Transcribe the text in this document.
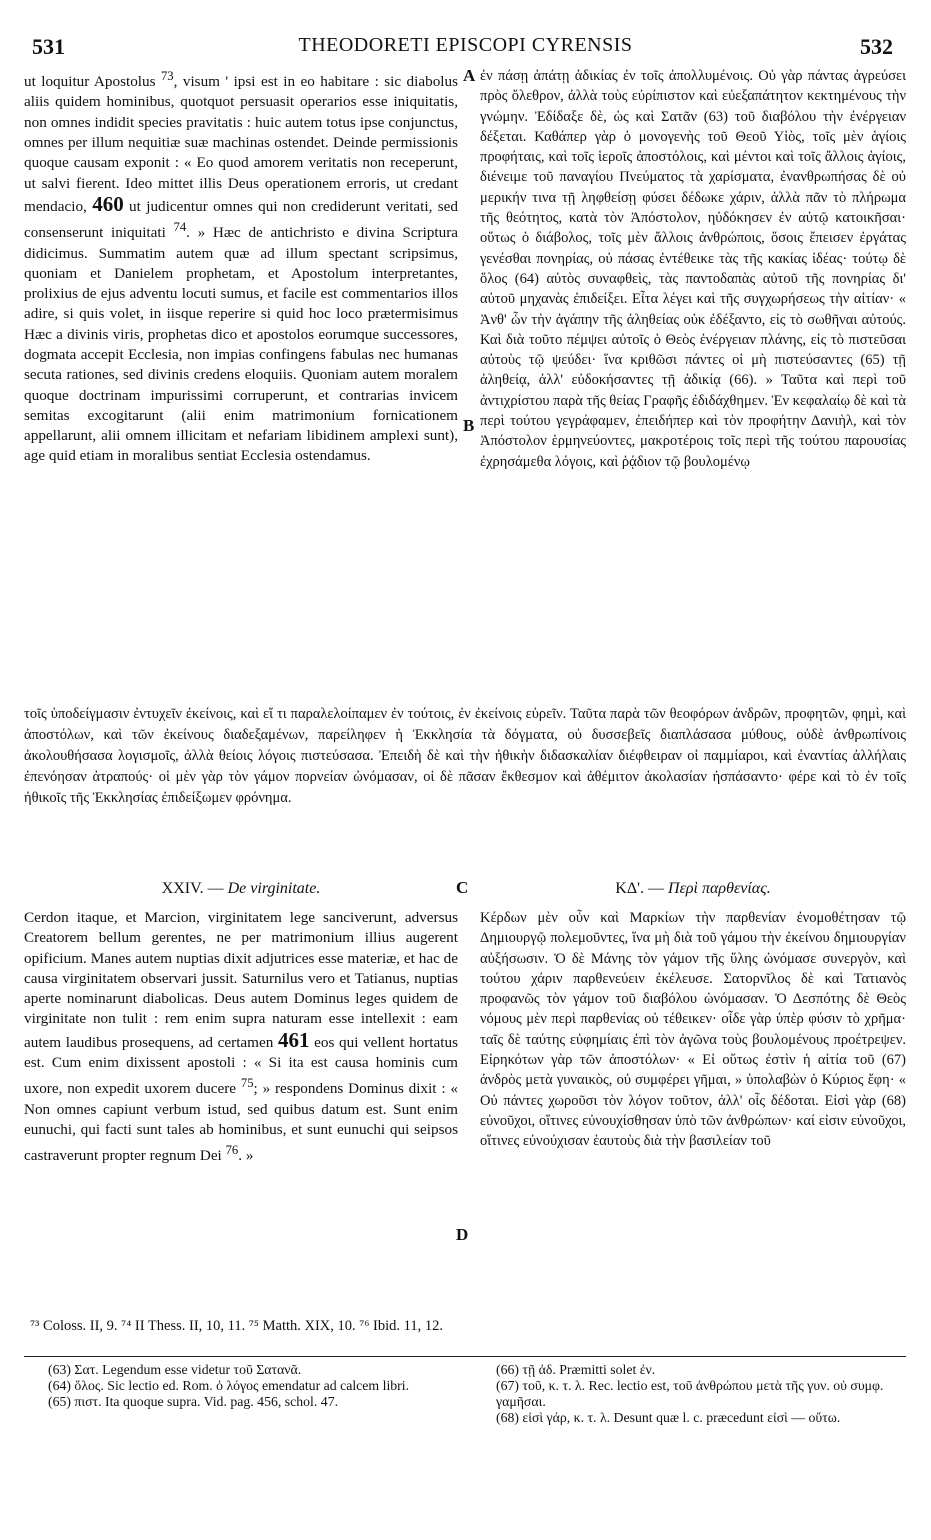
531	THEODORETI EPISCOPI CYRENSIS	532
A
B
C
D
ut loquitur Apostolus $^{73}$, visum ' ipsi est in eo habitare : sic diabolus aliis quidem hominibus, quotquot persuasit operarios esse iniquitatis, non omnes indidit species pravitatis : huic autem totus ipse conjunctus, omnes per illum nequitiæ suæ machinas ostendet. Deinde permissionis quoque causam exponit : « Eo quod amorem veritatis non receperunt, ut salvi fierent. Ideo mittet illis Deus operationem erroris, ut credant mendacio, 460 ut judicentur omnes qui non crediderunt veritati, sed consenserunt iniquitati $^{74}$. » Hæc de antichristo e divina Scriptura didicimus. Summatim autem quæ ad illum spectant scripsimus, quoniam et Danielem prophetam, et Apostolum interpretantes, prolixius de ejus adventu locuti sumus, et facile est commentarios illos adire, si quis volet, in iisque reperire si quid hoc loco prætermisimus Hæc a divinis viris, prophetas dico et apostolos eorumque successores, dogmata accepit Ecclesia, non impias confingens fabulas nec humanas secuta rationes, sed divinis credens eloquiis. Quoniam autem moralem quoque doctrinam impurissimi corruperunt, et contrarias invicem semitas excogitarunt (alii enim matrimonium fornicationem appellarunt, alii omnem illicitam et nefariam libidinem amplexi sunt), age quid etiam in moralibus sentiat Ecclesia ostendamus.
ἐν πάσῃ ἀπάτῃ ἀδικίας ἐν τοῖς ἀπολλυμένοις. Οὐ γὰρ πάντας ἀγρεύσει πρὸς ὄλεθρον, ἀλλὰ τοὺς εὐρίπιστον καὶ εὐεξαπάτητον κεκτημένους τὴν γνώμην. Ἐδίδαξε δὲ, ὡς καὶ Σατᾶν (63) τοῦ διαβόλου τὴν ἐνέργειαν δέξεται. Καθάπερ γὰρ ὁ μονογενὴς τοῦ Θεοῦ Υἱὸς, τοῖς μὲν ἁγίοις προφήταις, καὶ τοῖς ἱεροῖς ἀποστόλοις, καὶ μέντοι καὶ τοῖς ἄλλοις ἁγίοις, διένειμε τοῦ παναγίου Πνεύματος τὰ χαρίσματα, ἐνανθρωπήσας δὲ οὐ μερικήν τινα τῇ ληφθείσῃ φύσει δέδωκε χάριν, ἀλλὰ πᾶν τὸ πλήρωμα τῆς θεότητος, κατὰ τὸν Ἀπόστολον, ηὐδόκησεν ἐν αὐτῷ κατοικῆσαι· οὕτως ὁ διάβολος, τοῖς μὲν ἄλλοις ἀνθρώποις, ὅσοις ἔπεισεν ἐργάτας γενέσθαι πονηρίας, οὐ πάσας ἐντέθεικε τὰς τῆς κακίας ἰδέας· τούτῳ δὲ ὅλος (64) αὐτὸς συναφθεὶς, τὰς παντοδαπὰς αὐτοῦ τῆς πονηρίας δι' αὐτοῦ μηχανὰς ἐπιδείξει. Εἶτα λέγει καὶ τῆς συγχωρήσεως τὴν αἰτίαν· « Ἀνθ' ὧν τὴν ἀγάπην τῆς ἀληθείας οὐκ ἐδέξαντο, εἰς τὸ σωθῆναι αὐτούς. Καὶ διὰ τοῦτο πέμψει αὐτοῖς ὁ Θεὸς ἐνέργειαν πλάνης, εἰς τὸ πιστεῦσαι αὐτοὺς τῷ ψεύδει· ἵνα κριθῶσι πάντες οἱ μὴ πιστεύσαντες (65) τῇ ἀληθείᾳ, ἀλλ' εὐδοκήσαντες τῇ ἀδικίᾳ (66). » Ταῦτα καὶ περὶ τοῦ ἀντιχρίστου παρὰ τῆς θείας Γραφῆς ἐδιδάχθημεν. Ἐν κεφαλαίῳ δὲ καὶ τὰ περὶ τούτου γεγράφαμεν, ἐπειδήπερ καὶ τὸν προφήτην Δανιὴλ, καὶ τὸν Ἀπόστολον ἑρμηνεύοντες, μακροτέροις τοῖς περὶ τῆς τούτου παρουσίας ἐχρησάμεθα λόγοις, καὶ ῥᾴδιον τῷ βουλομένῳ
τοῖς ὑποδείγμασιν ἐντυχεῖν ἐκείνοις, καὶ εἴ τι παραλελοίπαμεν ἐν τούτοις, ἐν ἐκείνοις εὑρεῖν. Ταῦτα παρὰ τῶν θεοφόρων ἀνδρῶν, προφητῶν, φημὶ, καὶ ἀποστόλων, καὶ τῶν ἐκείνους διαδεξαμένων, παρείληφεν ἡ Ἐκκλησία τὰ δόγματα, οὐ δυσσεβεῖς διαπλάσασα μύθους, οὐδὲ ἀνθρωπίνοις ἀκολουθήσασα λογισμοῖς, ἀλλὰ θείοις λόγοις πιστεύσασα. Ἐπειδὴ δὲ καὶ τὴν ἠθικὴν διδασκαλίαν διέφθειραν οἱ παμμίαροι, καὶ ἐναντίας ἀλλήλαις ἐπενόησαν ἀτραπούς· οἱ μὲν γὰρ τὸν γάμον πορνείαν ὠνόμασαν, οἱ δὲ πᾶσαν ἔκθεσμον καὶ ἀθέμιτον ἀκολασίαν ἠσπάσαντο· φέρε καὶ τὸ ἐν τοῖς ἠθικοῖς τῆς Ἐκκλησίας ἐπιδείξωμεν φρόνημα.
XXIV. — De virginitate.	ΚΔ'. — Περὶ παρθενίας.
Cerdon itaque, et Marcion, virginitatem lege sanciverunt, adversus Creatorem bellum gerentes, ne per matrimonium illius augerent opificium. Manes autem nuptias dixit adjutrices esse materiæ, et hac de causa virginitatem observari jussit. Saturnilus vero et Tatianus, nuptias aperte nominarunt diabolicas. Deus autem Dominus leges quidem de virginitate non tulit : rem enim supra naturam esse intellexit : eam autem laudibus prosequens, ad certamen 461 eos qui vellent hortatus est. Cum enim dixissent apostoli : « Si ita est causa hominis cum uxore, non expedit uxorem ducere $^{75}$; » respondens Dominus dixit : « Non omnes capiunt verbum istud, sed quibus datum est. Sunt enim eunuchi, qui facti sunt tales ab hominibus, et sunt eunuchi qui seipsos castraverunt propter regnum Dei $^{76}$. »
Κέρδων μὲν οὖν καὶ Μαρκίων τὴν παρθενίαν ἐνομοθέτησαν τῷ Δημιουργῷ πολεμοῦντες, ἵνα μὴ διὰ τοῦ γάμου τὴν ἐκείνου δημιουργίαν αὐξήσωσιν. Ὁ δὲ Μάνης τὸν γάμον τῆς ὕλης ὠνόμασε συνεργὸν, καὶ τούτου χάριν παρθενεύειν ἐκέλευσε. Σατορνῖλος δὲ καὶ Τατιανὸς προφανῶς τὸν γάμον τοῦ διαβόλου ὠνόμασαν. Ὁ Δεσπότης δὲ Θεὸς νόμους μὲν περὶ παρθενίας οὐ τέθεικεν· οἶδε γὰρ ὑπὲρ φύσιν τὸ χρῆμα· ταῖς δὲ ταύτης εὐφημίαις ἐπὶ τὸν ἀγῶνα τοὺς βουλομένους προέτρεψεν. Εἰρηκότων γὰρ τῶν ἀποστόλων· « Εἰ οὕτως ἐστὶν ἡ αἰτία τοῦ (67) ἀνδρὸς μετὰ γυναικὸς, οὐ συμφέρει γῆμαι, » ὑπολαβὼν ὁ Κύριος ἔφη· « Οὐ πάντες χωροῦσι τὸν λόγον τοῦτον, ἀλλ' οἷς δέδοται. Εἰσὶ γὰρ (68) εὐνοῦχοι, οἵτινες εὐνουχίσθησαν ὑπὸ τῶν ἀνθρώπων· καί εἰσιν εὐνοῦχοι, οἵτινες εὐνούχισαν ἑαυτοὺς διὰ τὴν βασιλείαν τοῦ
⁷³ Coloss. II, 9. ⁷⁴ II Thess. II, 10, 11. ⁷⁵ Matth. XIX, 10. ⁷⁶ Ibid. 11, 12.
(63) Σατ. Legendum esse videtur τοῦ Σατανᾶ.
(64) ὅλος. Sic lectio ed. Rom. ὁ λόγος emendatur ad calcem libri.
(65) πιστ. Ita quoque supra. Vid. pag. 456, schol. 47.
(66) τῇ ἀδ. Præmitti solet ἐν.
(67) τοῦ, κ. τ. λ. Rec. lectio est, τοῦ ἀνθρώπου μετὰ τῆς γυν. οὐ συμφ. γαμῆσαι.
(68) εἰσὶ γάρ, κ. τ. λ. Desunt quæ l. c. præcedunt εἰσὶ — οὕτω.
